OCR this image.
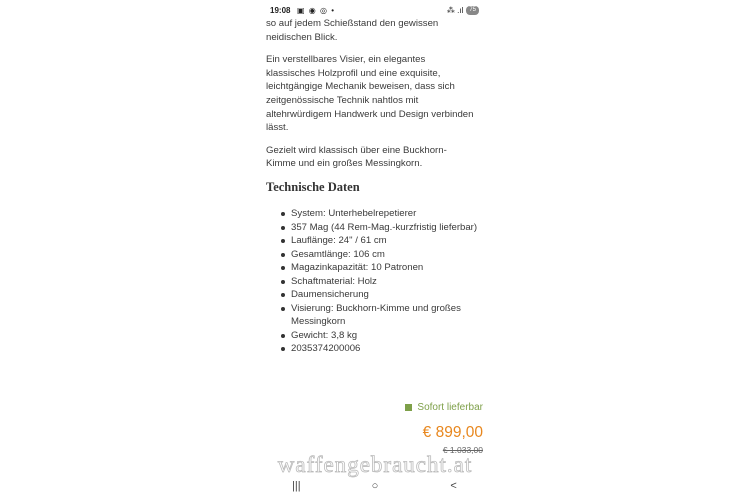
19:08 ▣ ◉ ◎ •	⁂ .ıl	75

so auf jedem Schießstand den gewissen neidischen Blick.

Ein verstellbares Visier, ein elegantes klassisches Holzprofil und eine exquisite, leichtgängige Mechanik beweisen, dass sich zeitgenössische Technik nahtlos mit altehrwürdigem Handwerk und Design verbinden lässt.

Gezielt wird klassisch über eine Buckhorn-Kimme und ein großes Messingkorn.

Technische Daten
System: Unterhebelrepetierer
357 Mag (44 Rem-Mag.-kurzfristig lieferbar)
Lauflänge: 24" / 61 cm
Gesamtlänge: 106 cm
Magazinkapazität: 10 Patronen
Schaftmaterial: Holz
Daumensicherung
Visierung: Buckhorn-Kimme und großes Messingkorn
Gewicht: 3,8 kg
2035374200006
Sofort lieferbar
€ 899,00
€ 1.033,00
|||	○	<
waffengebraucht.at
